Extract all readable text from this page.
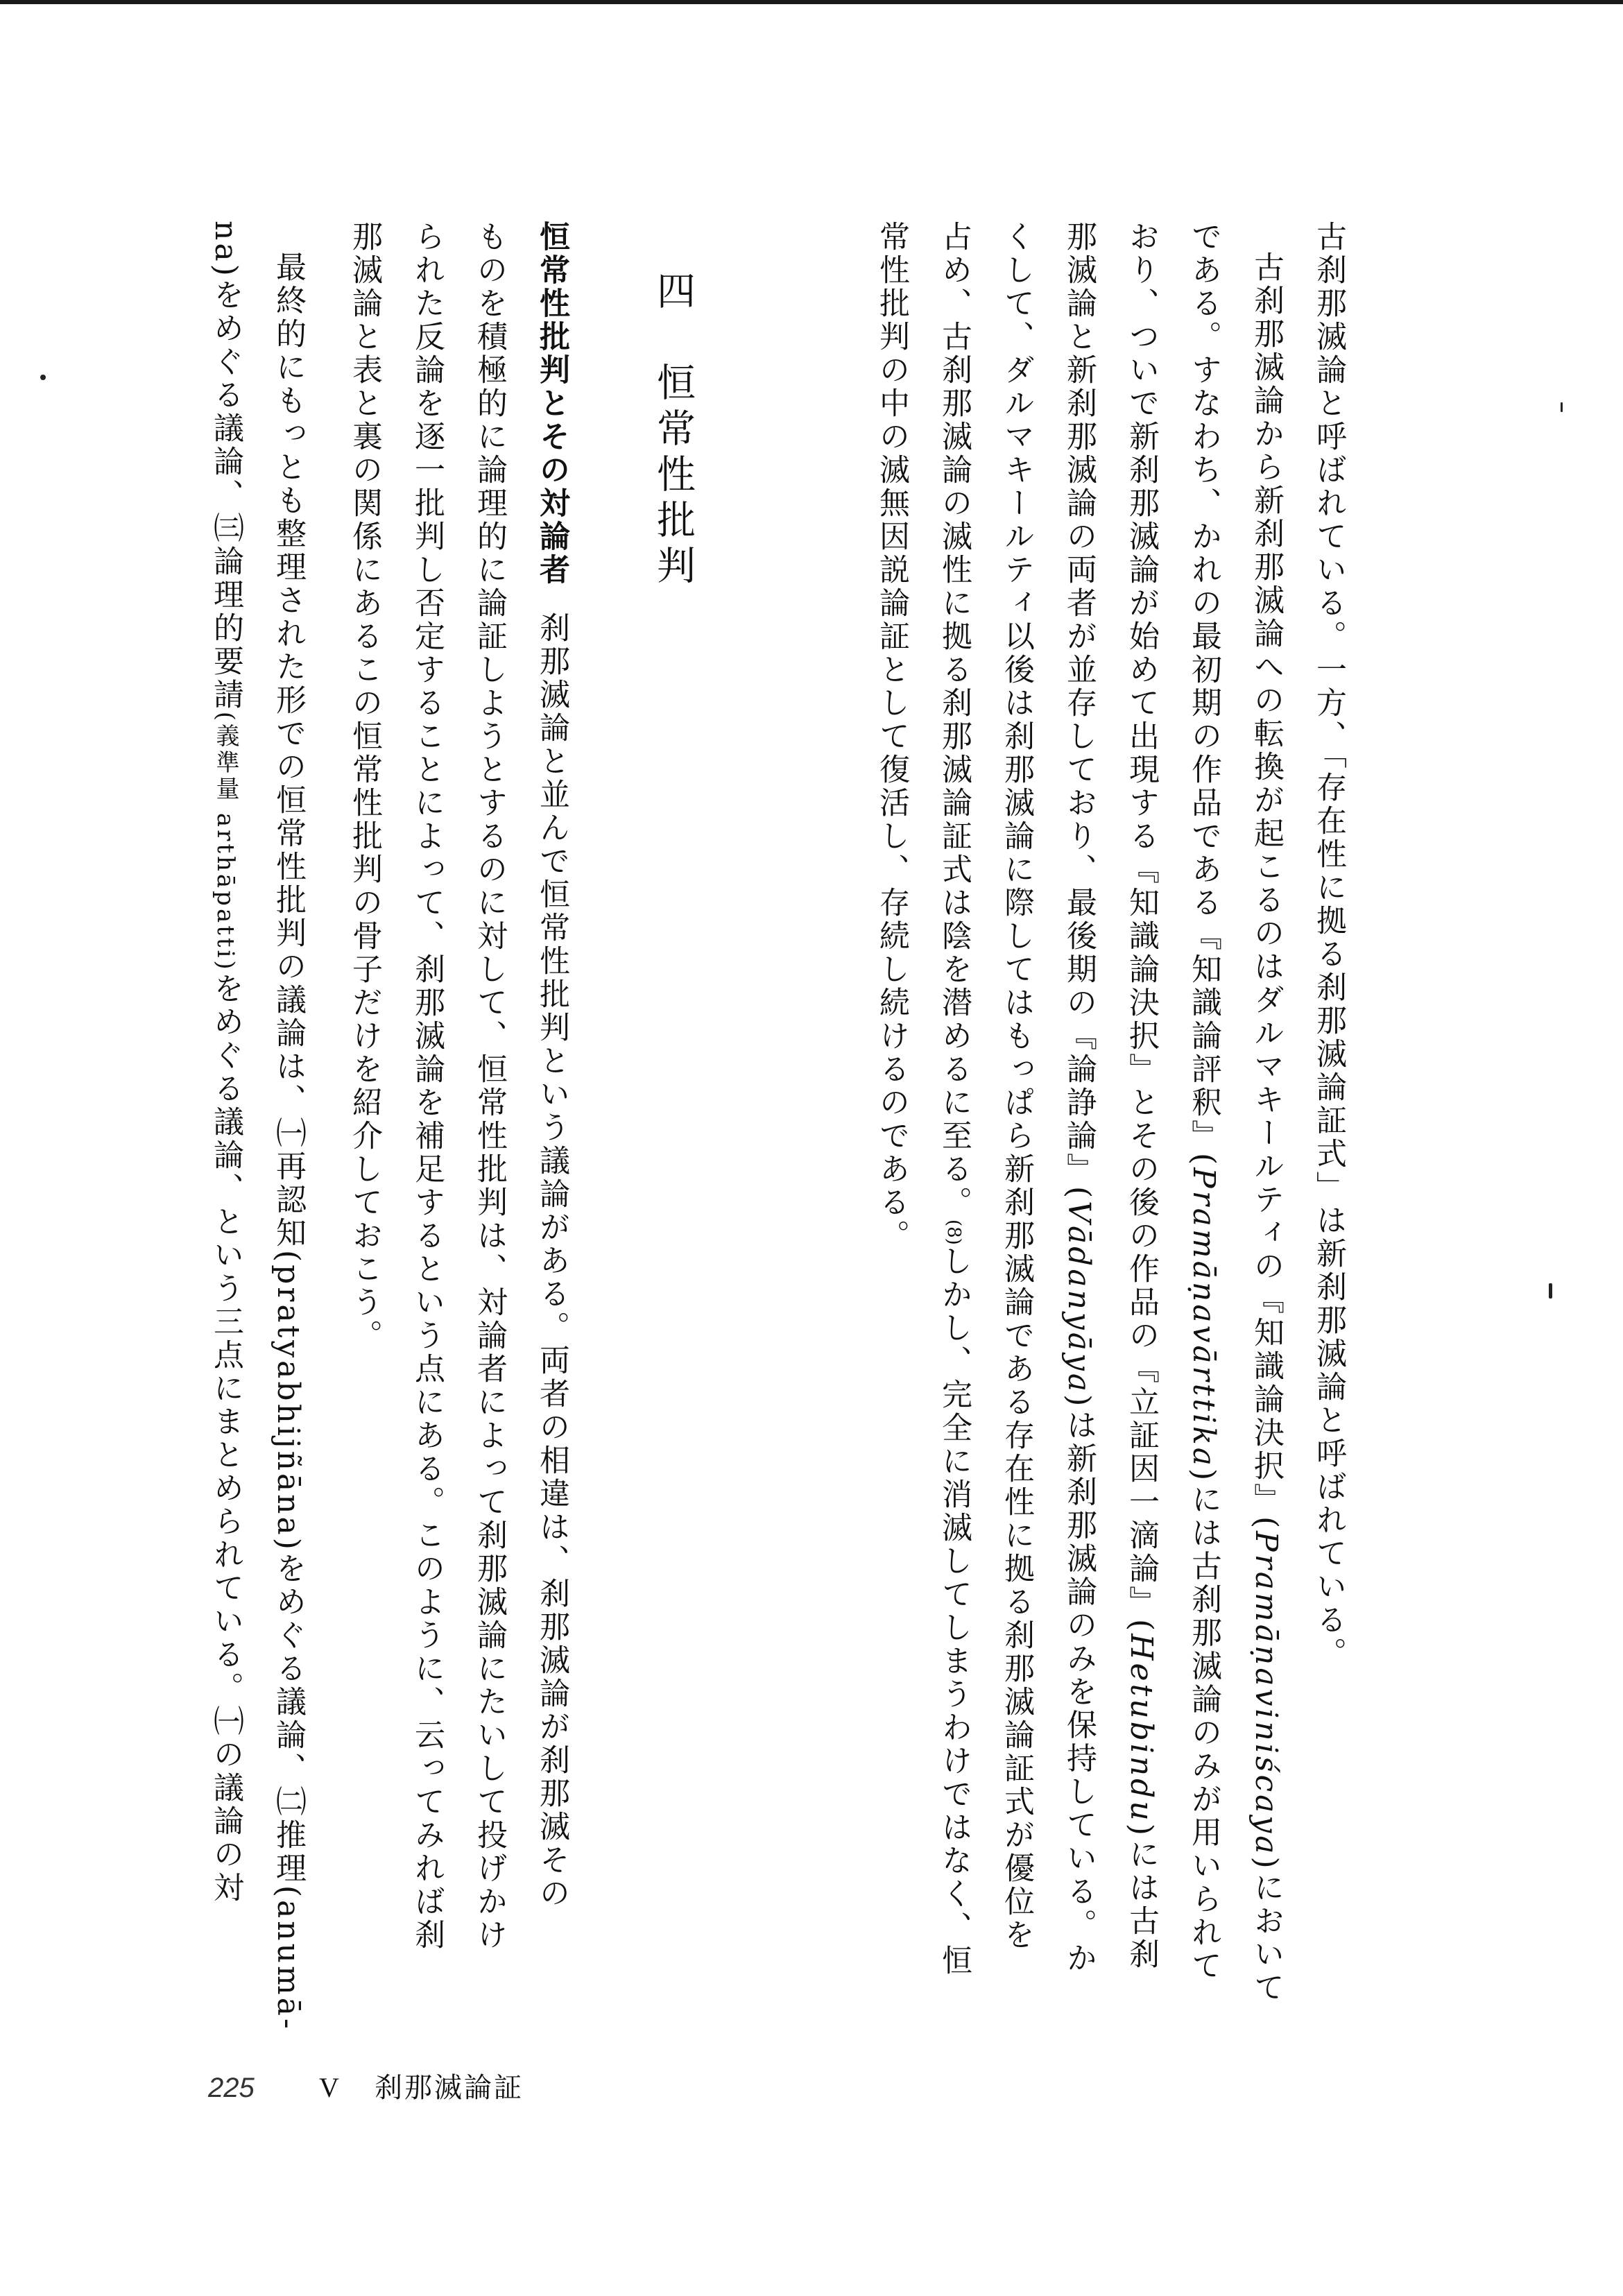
古刹那滅論と呼ばれている。一方、「存在性に拠る刹那滅論証式」は新刹那滅論と呼ばれている。
古刹那滅論から新刹那滅論への転換が起こるのはダルマキールティの『知識論決択』(Pramāṇaviniścaya)において
である。すなわち、かれの最初期の作品である『知識論評釈』(Pramāṇavārttika)には古刹那滅論のみが用いられて
おり、ついで新刹那滅論が始めて出現する『知識論決択』とその後の作品の『立証因一滴論』(Hetubindu)には古刹
那滅論と新刹那滅論の両者が並存しており、最後期の『論諍論』(Vādanyāya)は新刹那滅論のみを保持している。か
くして、ダルマキールティ以後は刹那滅論に際してはもっぱら新刹那滅論である存在性に拠る刹那滅論証式が優位を
占め、古刹那滅論の滅性に拠る刹那滅論証式は陰を潜めるに至る。(8)しかし、完全に消滅してしまうわけではなく、恒
常性批判の中の滅無因説論証として復活し、存続し続けるのである。
四　恒常性批判
恒常性批判とその対論者刹那滅論と並んで恒常性批判という議論がある。両者の相違は、刹那滅論が刹那滅その
ものを積極的に論理的に論証しようとするのに対して、恒常性批判は、対論者によって刹那滅論にたいして投げかけ
られた反論を逐一批判し否定することによって、刹那滅論を補足するという点にある。このように、云ってみれば刹
那滅論と表と裏の関係にあるこの恒常性批判の骨子だけを紹介しておこう。
最終的にもっとも整理された形での恒常性批判の議論は、㈠再認知(pratyabhijñāna)をめぐる議論、㈡推理(anumā-
na)をめぐる議論、㈢論理的要請(義準量 arthāpatti)をめぐる議論、という三点にまとめられている。㈠の議論の対
225 V 刹那滅論証
